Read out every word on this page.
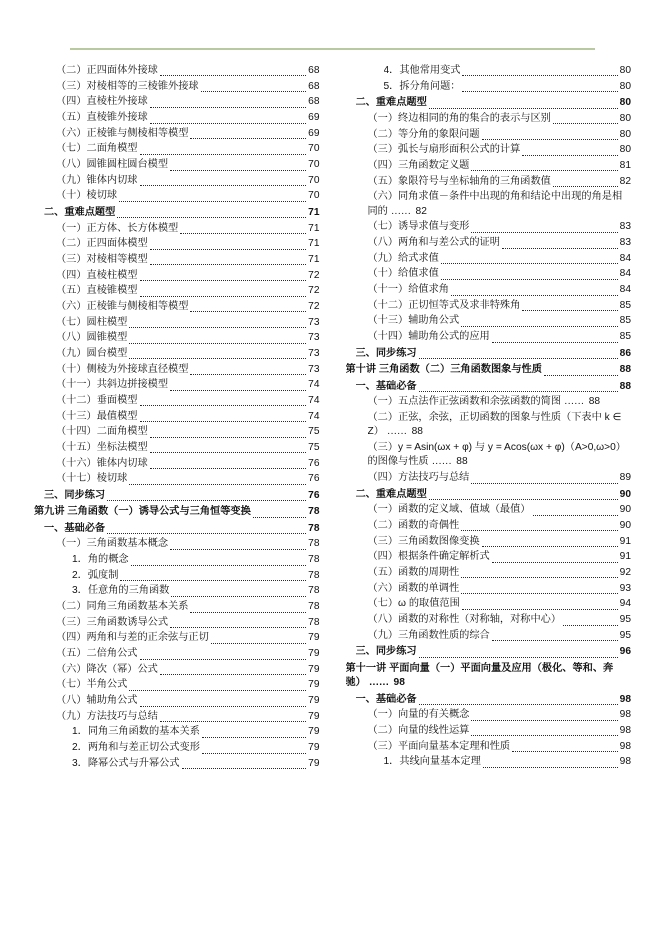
（二）正四面体外接球	68
（三）对棱相等的三棱锥外接球	68
（四）直棱柱外接球	68
（五）直棱锥外接球	69
（六）正棱锥与侧棱相等模型	69
（七）二面角模型	70
（八）圆锥圆柱圆台模型	70
（九）锥体内切球	70
（十）棱切球	70
二、重难点题型	71
（一）正方体、长方体模型	71
（二）正四面体模型	71
（三）对棱相等模型	71
（四）直棱柱模型	72
（五）直棱锥模型	72
（六）正棱锥与侧棱相等模型	72
（七）圆柱模型	73
（八）圆锥模型	73
（九）圆台模型	73
（十）侧棱为外接球直径模型	73
（十一）共斜边拼接模型	74
（十二）垂面模型	74
（十三）最值模型	74
（十四）二面角模型	75
（十五）坐标法模型	75
（十六）锥体内切球	76
（十七）棱切球	76
三、同步练习	76
第九讲 三角函数（一）诱导公式与三角恒等变换	78
一、基础必备	78
（一）三角函数基本概念	78
1．角的概念	78
2．弧度制	78
3．任意角的三角函数	78
（二）同角三角函数基本关系	78
（三）三角函数诱导公式	78
（四）两角和与差的正余弦与正切	79
（五）二倍角公式	79
（六）降次（幂）公式	79
（七）半角公式	79
（八）辅助角公式	79
（九）方法技巧与总结	79
1．同角三角函数的基本关系	79
2．两角和与差正切公式变形	79
3．降幂公式与升幂公式	79
4．其他常用变式	80
5．拆分角问题：	80
二、重难点题型	80
（一）终边相同的角的集合的表示与区别	80
（二）等分角的象限问题	80
（三）弧长与扇形面积公式的计算	80
（四）三角函数定义题	81
（五）象限符号与坐标轴角的三角函数值	82
（六）同角求值－条件中出现的角和结论中出现的角是相同的 ...... 82
（七）诱导求值与变形	83
（八）两角和与差公式的证明	83
（九）给式求值	84
（十）给值求值	84
（十一）给值求角	84
（十二）正切恒等式及求非特殊角	85
（十三）辅助角公式	85
（十四）辅助角公式的应用	85
三、同步练习	86
第十讲 三角函数（二）三角函数图象与性质	88
一、基础必备	88
（一）五点法作正弦函数和余弦函数的简图 ...... 88
（二）正弦，余弦，正切函数的图象与性质（下表中 k ∈ Z） ...... 88
（三）y = Asin(ωx + φ) 与 y = Acos(ωx + φ)（A>0,ω>0）的图像与性质 ...... 88
（四）方法技巧与总结	89
二、重难点题型	90
（一）函数的定义域、值域（最值）	90
（二）函数的奇偶性	90
（三）三角函数图像变换	91
（四）根据条件确定解析式	91
（五）函数的周期性	92
（六）函数的单调性	93
（七）ω 的取值范围	94
（八）函数的对称性（对称轴，对称中心）	95
（九）三角函数性质的综合	95
三、同步练习	96
第十一讲 平面向量（一）平面向量及应用（极化、等和、奔驰） ...... 98
一、基础必备	98
（一）向量的有关概念	98
（二）向量的线性运算	98
（三）平面向量基本定理和性质	98
1．共线向量基本定理	98
